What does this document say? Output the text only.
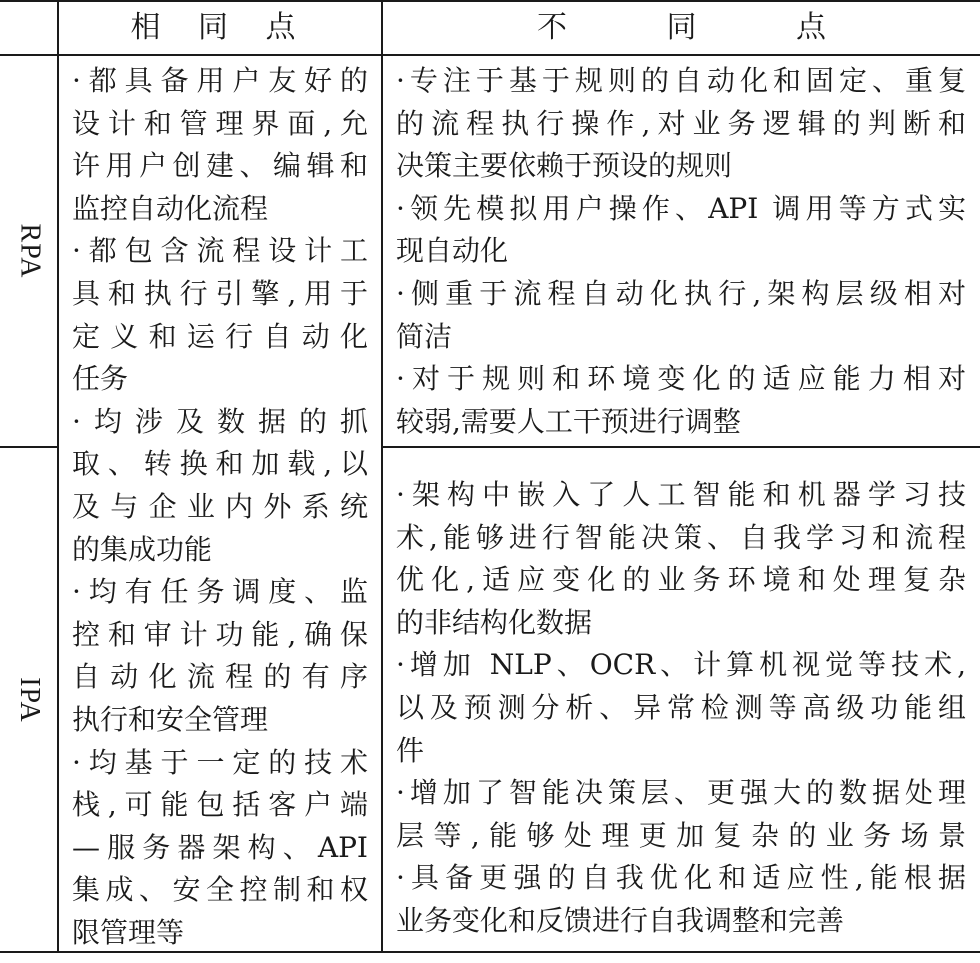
相 同 点	不 同 点
RPA
IPA
·都具备用户友好的
设计和管理界面,允
许用户创建、编辑和
监控自动化流程
·都包含流程设计工
具和执行引擎,用于
定义和运行自动化
任务
·均涉及数据的抓
取、转换和加载,以
及与企业内外系统
的集成功能
·均有任务调度、监
控和审计功能,确保
自动化流程的有序
执行和安全管理
·均基于一定的技术
栈,可能包括客户端
—服务器架构、API
集成、安全控制和权
限管理等
·专注于基于规则的自动化和固定、重复
的流程执行操作,对业务逻辑的判断和
决策主要依赖于预设的规则
·领先模拟用户操作、API 调用等方式实
现自动化
·侧重于流程自动化执行,架构层级相对
简洁
·对于规则和环境变化的适应能力相对
较弱,需要人工干预进行调整
·架构中嵌入了人工智能和机器学习技
术,能够进行智能决策、自我学习和流程
优化,适应变化的业务环境和处理复杂
的非结构化数据
·增加 NLP、OCR、计算机视觉等技术,
以及预测分析、异常检测等高级功能组
件
·增加了智能决策层、更强大的数据处理
层等,能够处理更加复杂的业务场景
·具备更强的自我优化和适应性,能根据
业务变化和反馈进行自我调整和完善
